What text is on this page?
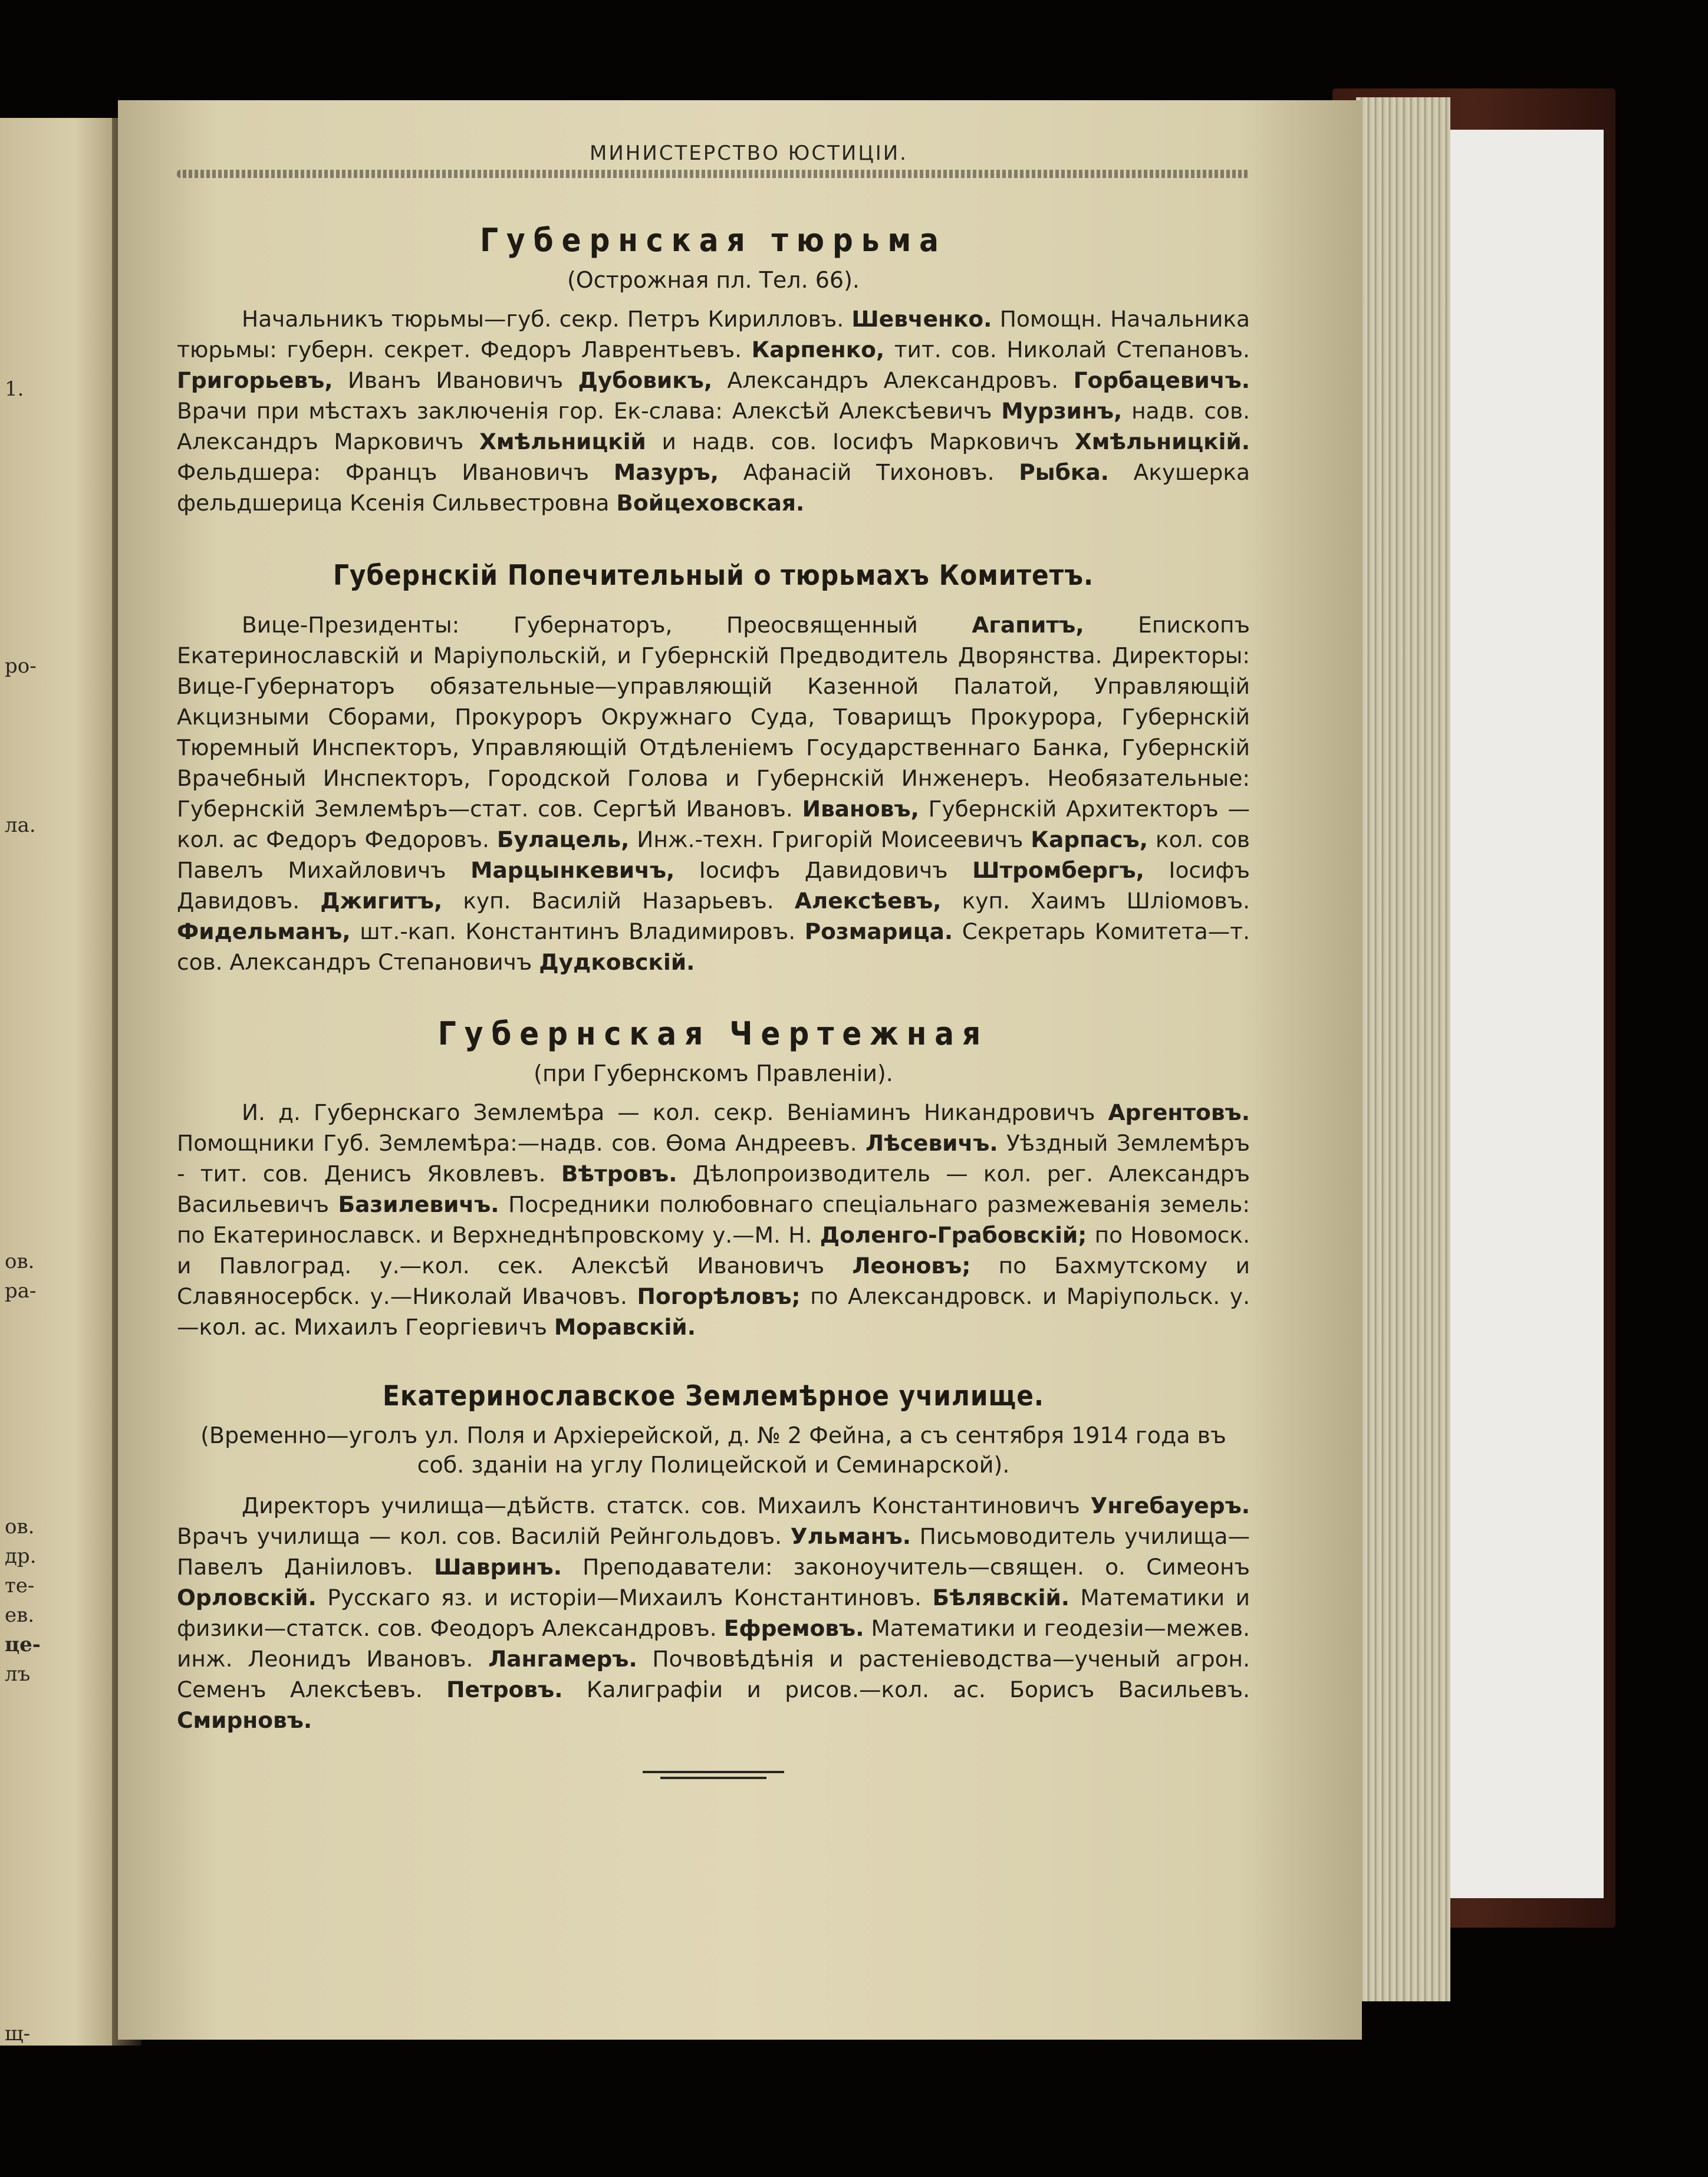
1.
ро-
ла.
ов.
ра-
ов.
др.
те-
ев.
це-
лъ
щ-
МИНИСТЕРСТВО ЮСТИЦІИ.
Губернская тюрьма
(Острожная пл. Тел. 66).

Начальникъ тюрьмы—губ. секр. Петръ Кирилловъ. Шевченко. Помощн. Начальника тюрьмы: губерн. секрет. Федоръ Лаврентьевъ. Карпенко, тит. сов. Николай Степановъ. Григорьевъ, Иванъ Ивановичъ Дубовикъ, Александръ Александровъ. Горбацевичъ. Врачи при мѣстахъ заключенія гор. Ек-слава: Алексѣй Алексѣевичъ Мурзинъ, надв. сов. Александръ Марковичъ Хмѣльницкій и надв. сов. Іосифъ Марковичъ Хмѣльницкій. Фельдшера: Францъ Ивановичъ Мазуръ, Афанасій Тихоновъ. Рыбка. Акушерка фельдшерица Ксенія Сильвестровна Войцеховская.

Губернскій Попечительный о тюрьмахъ Комитетъ.

Вице-Президенты: Губернаторъ, Преосвященный Агапитъ, Епископъ Екатеринославскій и Маріупольскій, и Губернскій Предводитель Дворянства. Директоры: Вице-Губернаторъ обязательные—управляющій Казенной Палатой, Управляющій Акцизными Сборами, Прокуроръ Окружнаго Суда, Товарищъ Прокурора, Губернскій Тюремный Инспекторъ, Управляющій Отдѣленіемъ Государственнаго Банка, Губернскій Врачебный Инспекторъ, Городской Голова и Губернскій Инженеръ. Необязательные: Губернскій Землемѣръ—стат. сов. Сергѣй Ивановъ. Ивановъ, Губернскій Архитекторъ — кол. ас Федоръ Федоровъ. Булацель, Инж.-техн. Григорій Моисеевичъ Карпасъ, кол. сов Павелъ Михайловичъ Марцынкевичъ, Іосифъ Давидовичъ Штромбергъ, Іосифъ Давидовъ. Джигитъ, куп. Василій Назарьевъ. Алексѣевъ, куп. Хаимъ Шліомовъ. Фидельманъ, шт.-кап. Константинъ Владимировъ. Розмарица. Секретарь Комитета—т. сов. Александръ Степановичъ Дудковскій.

Губернская Чертежная
(при Губернскомъ Правленіи).

И. д. Губернскаго Землемѣра — кол. секр. Веніаминъ Никандровичъ Аргентовъ. Помощники Губ. Землемѣра:—надв. сов. Ѳома Андреевъ. Лѣсевичъ. Уѣздный Землемѣръ - тит. сов. Денисъ Яковлевъ. Вѣтровъ. Дѣлопроизводитель — кол. рег. Александръ Васильевичъ Базилевичъ. Посредники полюбовнаго спеціальнаго размежеванія земель: по Екатеринославск. и Верхнеднѣпровскому у.—М. Н. Доленго-Грабовскій; по Новомоск. и Павлоград. у.—кол. сек. Алексѣй Ивановичъ Леоновъ; по Бахмутскому и Славяносербск. у.—Николай Ивачовъ. Погорѣловъ; по Александровск. и Маріупольск. у.—кол. ас. Михаилъ Георгіевичъ Моравскій.

Екатеринославское Землемѣрное училище.
(Временно—уголъ ул. Поля и Архіерейской, д. № 2 Фейна, а съ сентября 1914 года въ соб. зданіи на углу Полицейской и Семинарской).

Директоръ училища—дѣйств. статск. сов. Михаилъ Константиновичъ Унгебауеръ. Врачъ училища — кол. сов. Василій Рейнгольдовъ. Ульманъ. Письмоводитель училища—Павелъ Даніиловъ. Шавринъ. Преподаватели: законоучитель—священ. о. Симеонъ Орловскій. Русскаго яз. и исторіи—Михаилъ Константиновъ. Бѣлявскій. Математики и физики—статск. сов. Феодоръ Александровъ. Ефремовъ. Математики и геодезіи—межев. инж. Леонидъ Ивановъ. Лангамеръ. Почвовѣдѣнія и растеніеводства—ученый агрон. Семенъ Алексѣевъ. Петровъ. Калиграфіи и рисов.—кол. ас. Борисъ Васильевъ. Смирновъ.
